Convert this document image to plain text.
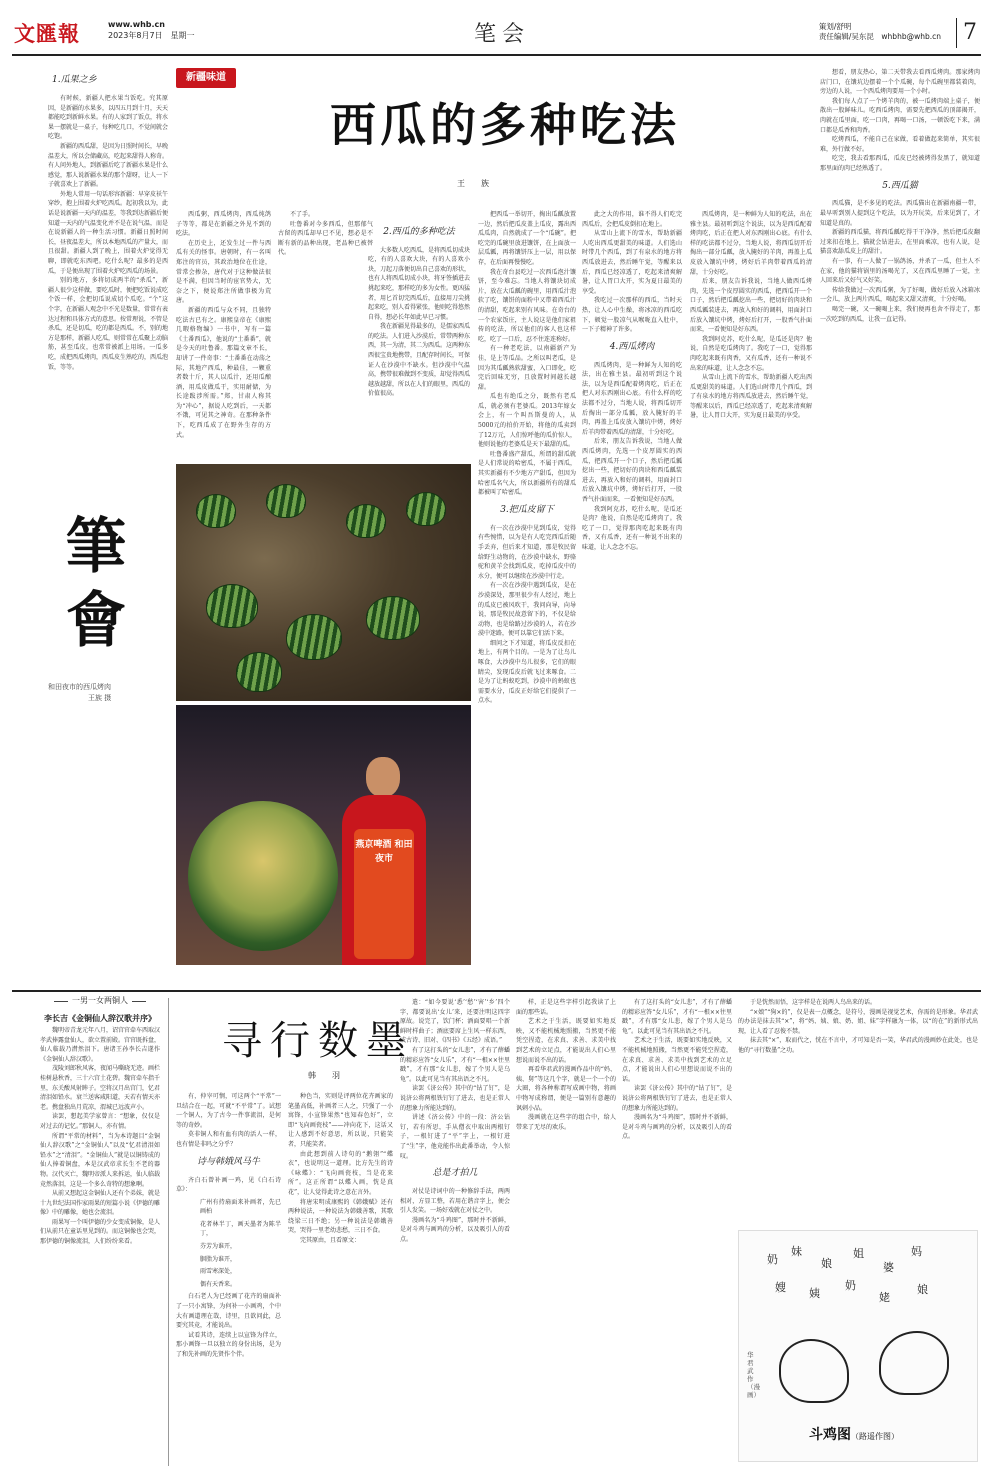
文匯報	www.whb.cn
2023年8月7日　星期一	笔会	策划/舒明
责任编辑/吴东昆　whbhb@whb.cn	7
新疆味道
西瓜的多种吃法
王　族
1.瓜果之乡

有时候，新疆人把水果当饭吃。究其原因，是新疆的水果多，以四五月到十月，天天都能吃到新鲜水果。有的人家到了饭点，将水果一摆就是一桌子，每种吃几口，不觉间就会吃饱。

新疆的西瓜甜，是因为日照时间长，早晚温差大，所以会储藏高，吃起来甜得人称奇。有人问外地人，到新疆后吃了新疆水果是什么感觉，那人说新疆水果的那个甜呀，让人一下子就喜欢上了新疆。

外地人常用一句话形容新疆：早穿皮袄午穿纱，抱上围着火炉吃西瓜。起初我以为，此话是说新疆一天内的温差，等我到达新疆后便知道一天内的气温变化并不是在说气温，而是在说新疆人的一种生活习惯。新疆日照时间长，昼夜温差大，所以本地西瓜的产量大，而且很甜。新疆人到了晚上，围着火炉觉得无聊，即就吃东西吧。吃什么呢？最多的是西瓜，于是便出现了围着火炉吃西瓜的场景。

别的地方，多将切成两半的“杀瓜”，新疆人很少这样做，要吃瓜时，便把吃饭说成吃个饭一样，会把切瓜说成切个瓜吃。“个”这个字，在新疆人观念中不光是数量，常常有表达过程和具体方式的意思。按常理说，不管是杀瓜，还是切瓜，吃的都是西瓜。不，别的地方是那样，新疆人吃瓜，则常常在瓜聚上动脑筋，甚至瓜皮，也常常被派上用场。一瓜多吃，成把西瓜烤肉，西瓜皮生熟吃的，西瓜泡饭，等等。

筆
會
和田夜市的西瓜烤肉
王族 摄

西瓜粥，西瓜烤肉，西瓜炖鸽子等等，都是在新疆之外见不到的吃法。

在历史上，还发生过一件与西瓜有关的怪事。唐朝时，有一名叫郑注的官员，其政治地位在仕途，常常会掺杂，唐代对于这种做法很是不满，但因当时的宦官势大，无奈之下，便说郑注所做事极为荒唐。

新疆的西瓜与众不同，且独特吃法古已有之。康熙皇帝在《康熙几暇格物编》一书中，写有一篇《土番西瓜》，他说的“土番番”，就是今天的吐鲁番。那篇文章不长，却讲了一件奇事：“土番番在动荡之际，其地产西瓜，种最佳，一颗重者数十斤，其人以瓜汁，还用瓜酿酒，用瓜皮做瓜干，实用耐储，为长途跋涉所需。”郑，甘肃人称其为“冲心”，据说人吃到后，一天都不饿，可见其之神奇。在那种条件下，吃西瓜成了在野外生存的方式。

不了手。

吐鲁番对今多西瓜，但那郁气古留的西瓜却早已不见，想必是不断有新的品种出现，老品种已被替代。

2.西瓜的多种吃法

大多数人吃西瓜，是将西瓜切成块吃，有的人喜欢大块，有的人喜欢小块，刀起刀落便切出自己喜欢的形状，也有人将西瓜切成小块，将牙签插进去挑起来吃，那样吃的多为女性。更凶猛者，用匕首切完西瓜后，直接用刀尖挑起来吃，别人看得紧张，他则吃得悠然自得，想必长年如此早已习惯。

我在新疆见得最多的，是儒家西瓜的吃法。人们进入沙漠后，常带两种东西，其一为清，其二为西瓜。这两种东西很宝贵地携带，且配存时间长，可保证人在沙漠中不缺水。但沙漠中气温高，携带很难做到不变质，却觉得西瓜越放越甜，所以在人们的眼里，西瓜的价值很高。

燕京啤酒 和田夜市

把西瓜一举切开，掏出瓜瓤放置一边，然后把瓜皮盖上瓜皮，露出西瓜瓜肉，自然就成了一个“瓜碗”。把吃完的瓜碗里放进馕饼，在上面放一层瓜瓤，再将馕饼压上一层，用以保存，在后面再慢慢吃。

我在奇台县吃过一次西瓜泡汁馕饼，至今难忘。当地人将馕块切成片，放在大瓜瓤的碗里，用西瓜汁泡软了吃，馕饼的面粉中又带着西瓜汁的清甜，吃起来别有风味。在奇台的一个农家饭庄，主人说这是他们家祖传的吃法，所以他们的客人也这样吃，吃了一口后，忍不住连连称好。

有一种老吃法，以南疆新产为佳，是上等瓜品。之所以叫老瓜，是因为其瓜瓤熟软甜蜜，入口即化，吃完后回味无穷，且放置时间越长越甜。

瓜也有绝瓜之分，既然有老瓜瓜，就必须有老婆瓜。2013年嫁女会上，有一个叫吾斯曼的人，从5000元的拍价开始，将他的瓜卖到了12万元，人们惊呼他的瓜价惊人，他则说他的老婆瓜是天下最甜的瓜。

吐鲁番盛产甜瓜，所谓的甜瓜就是人们常说的哈密瓜，不属于西瓜，其实新疆有不少地方产甜瓜，但因为哈密瓜名气大，所以新疆所有的甜瓜都被叫了哈密瓜。

3.把瓜皮留下

有一次在沙漠中见到瓜皮，觉得有些惋惜，以为是有人吃完西瓜后随手丢弃，但后来才知道，那是牧民留给野生动物的，在沙漠中缺水，野骆驼和黄羊会找到瓜皮，吃掉瓜皮中的水分，便可以继续在沙漠中行走。

有一次在沙漠中遇到瓜皮，是在沙漠深处，那里很少有人经过，地上的瓜皮已被风吹干，我问向导，向导说，那是牧民故意留下的，不仅是给动物，也是给路过沙漠的人，若在沙漠中迷路，便可以靠它们活下来。

细问之下才知道，将瓜皮反扣在地上，有两个目的。一是为了让鸟儿啄食，大沙漠中鸟儿很多，它们的眼睛尖，发现瓜皮后就飞过来啄食。二是为了让蚂蚁吃到，沙漠中的蚂蚁也需要水分，瓜皮正好给它们提供了一点水。

此之大的作用，谁不得人们吃完西瓜后，会把瓜皮倒扣在地上。

从雪山上流下的雪水，帮助新疆人吃出西瓜更甜美的味道。人们选山时带几个西瓜，到了有泉水的地方将西瓜放进去，然后睡午觉，等醒来以后，西瓜已经凉透了，吃起来清爽解暑，让人胃口大开，实为夏日最美的享受。

我吃过一次那样的西瓜，当时天热，让人心中生燥，将冰凉的西瓜吃下，顿觉一股凉气从喉咙直入肚中，一下子精神了许多。

4.西瓜烤肉

西瓜烤肉，是一种鲜为人知的吃法，出在雅主县。最初听到这个说法，以为是西瓜配着烤肉吃，后正在把人对东西刚出心底。有什么样的吃法都不过分，当地人说，将西瓜切开后掏出一部分瓜瓤，放入腌好的羊肉，再盖上瓜皮放入馕坑中烤，烤好后羊肉带着西瓜的清甜，十分好吃。

后来，朋友告诉我说，当地人做西瓜烤肉，先选一个皮厚圆实的西瓜，把西瓜开一个口子，然后把瓜瓤挖出一些，把切好的肉块和西瓜瓤装进去，再放入和好的调料，用面封口后放入馕坑中烤，烤好后打开，一股香气扑面而来，一看便知是好东西。

我到阿克苏，吃什么呢，是瓜还是肉？他说，自然是吃瓜烤肉了。我吃了一口，觉得那肉吃起来既有肉香，又有瓜香，还有一种说不出来的味道，让人念念不忘。

想看，朋友热心，第二天带我去看西瓜烤肉。那家烤肉店门口，在馕坑边摆着一个个瓜碗，每个瓜碗里都装着肉，旁边的人说，一个西瓜烤肉要用一个小时。

我们每人点了一个烤羊肉的，被一瓜烤肉端上桌子，便散出一股鲜味儿。吃西瓜烤肉，需要先把西瓜的顶部揭开，肉就在瓜里面，吃一口肉，再喝一口汤，一顿饭吃下来，满口都是瓜香和肉香。

吃烤西瓜，不能自己在家做，看着做起来简单，其实很难，外行做不好。

吃完，我去看那西瓜，瓜皮已经被烤得发黑了，就知道那里面的肉已经熟透了。

5.西瓜猫

西瓜猫，是不多见的吃法。西瓜猫出在新疆南疆一带，最早听到别人提到这个吃法，以为开玩笑，后来见到了，才知道是真的。

新疆的西瓜猫，将西瓜瓤吃得干干净净，然后把瓜皮翻过来扣在地上，猫就会钻进去，在里面乘凉，也有人说，是猫喜欢舔瓜皮上的甜汁。

有一事，有一人做了一锅鸽汤，并杀了一瓜，但主人不在家，他的猫将锅里的汤喝光了，又在西瓜里睡了一觉，主人回来后又好气又好笑。

传给我做过一次西瓜粥，为了好喝，做好后放入冰箱冰一会儿，放上两片西瓜，喝起来又甜又清爽，十分好喝。

喝完一碗，又一碗喝上来，我们便再也舍不得走了，那一次吃到的西瓜，让我一直记得。

西瓜烤肉，是一种鲜为人知的吃法，出在雅主县。最初听到这个说法，以为是西瓜配着烤肉吃，后正在把人对东西刚出心底。有什么样的吃法都不过分，当地人说，将西瓜切开后掏出一部分瓜瓤，放入腌好的羊肉，再盖上瓜皮放入馕坑中烤，烤好后羊肉带着西瓜的清甜，十分好吃。

后来，朋友告诉我说，当地人做西瓜烤肉，先选一个皮厚圆实的西瓜，把西瓜开一个口子，然后把瓜瓤挖出一些，把切好的肉块和西瓜瓤装进去，再放入和好的调料，用面封口后放入馕坑中烤，烤好后打开，一股香气扑面而来，一看便知是好东西。

我到阿克苏，吃什么呢，是瓜还是肉？他说，自然是吃瓜烤肉了。我吃了一口，觉得那肉吃起来既有肉香，又有瓜香，还有一种说不出来的味道，让人念念不忘。

从雪山上流下的雪水，帮助新疆人吃出西瓜更甜美的味道。人们选山时带几个西瓜，到了有泉水的地方将西瓜放进去，然后睡午觉，等醒来以后，西瓜已经凉透了，吃起来清爽解暑，让人胃口大开，实为夏日最美的享受。

一男一女两铜人
李长吉《金铜仙人辞汉歌并序》

魏明帝青龙元年八月，诏宫官牵车西取汉孝武捧露盘仙人，欲立置前殿。宫官既拆盘，仙人临载乃潸然泪下。唐诸王孙李长吉遂作《金铜仙人辞汉歌》。

茂陵刘郎秋风客，夜闻马嘶晓无迹。画栏桂树悬秋香，三十六宫土花碧。魏官牵车指千里，东关酸风射眸子。空将汉月出宫门，忆君清泪如铅水。衰兰送客咸阳道，天若有情天亦老。携盘独出月荒凉，渭城已远波声小。

读罢，想起美学家曾言：“想象，仅仅是对过去的记忆。”那铜人，亦有情。

所谓“平常的材料”，当为本诗题目“金铜仙人辞汉歌”之“金铜仙人”以及“忆君清泪如铅水”之“清泪”。“金铜仙人”就是以铜铸成的仙人捧着铜盘，本是汉武帝求长生不老的器物。汉代灭亡，魏明帝派人来拆运，仙人临载竟然落泪，这是一个多么奇特的想象啊。

从前又想起这金铜仙人还有个弟妹，就是十九世纪法国作家雨果的短篇小说《伊德的雕像》中的雕像，她也会流泪。

雨果写一个叫伊德的少女变成铜像，是人们从前只在童话里见到的。而这铜像也会哭，那伊德的铜像流泪，人们纷纷来看。

寻行数墨
韩　羽

有，仲宰可悯，可这两个“平常”一旦结合在一起，可就“不平常”了。试想一个铜人，为了古今一件事流泪，是何等的奇妙。

莫非铜人和有血有肉的活人一样，也有情是非吗之分乎？

诗与韩娥风马牛

齐白石曾补画一鸡，见《白石诗草》：

广州有持扇面来补画者，先已画柏

花者林半丁，画天墨者为陈半丁，

芬芳为谁开，

胭脂为谁开，

雨雪寒深处，

偶有天香来。

白石老人为已经画了花卉的扇面补了一只小寓锋，为何补一小画鸡，个中大有画道理在哉，诗里，且欲问此，总要究其竟，才能说出。

试看其诗，连续上以宣锋为伴立，那小画锋一旦以独立的身份出场，是为了和先补画的先贤作个伴。

种色当，实则是评两位花卉画家的笔墨高低，补画者三人之，只强了一小寓锋，小宣锋果然“也知春色好”，立即“飞向画瓷枝”——冲向花下，这话又让人感到不好意思，所以说，只能笑者，只能笑者。

由此想到前人诗句的“鹅翎”“蝶衣”，也说明这一道理。比方先生的诗《咏蝶》：“飞向画瓷枝，当是花来所”。这正所谓“以蝶入画，恍是真花”，让人觉得此诗之意在言外。

将唐宋明成康熙的《韩娥赋》还有两种说法，一种说法为韩娥善歌，其歌绕梁三日不绝；另一种说法是韩娥善哭，哭得一里老幼悲愁，三日不食。

完其原由，且看原文：

遣：“如今要说‘悉’‘愁’‘害’‘乡’四个字，都要说出‘女儿’来，还要注明这四字原故。说完了，饮门杯；酒面要唱一个新鲜时样曲子；酒底要席上生风一样东西，或古诗、旧对、《四书》《五经》成语。”

有了这打头的“女儿悲”，才有了薛蟠的精彩应答“女儿乐”，才有“一根××往里戳”，才有那“女儿悲，嫁了个男人是乌龟”。以此可见当有其出语之不凡。

读罢《济公传》其中的“钻了钉”，是说济公将两根铁钉钉了进去，也是正常人的想象力所能达到的。

讲述《济公传》中的一段：济公钻钉，若有所思，手从僧衣中取出两根钉子，一根钉进了“平”字上，一根钉进了“生”字，他竟能作出此番举动，令人惊叹。

总是才拍几

对仗是诗词中的一种修辞手法，两两相对，方显工整，若用在谐音字上，便会引人发笑。一场好戏就在对仗之中。

漫画名为“斗鸡图”，那时并不新鲜，是对斗鸡与画鸡的分析，以及吸引人的看点。

样，正是这些字样引起我读了上面的那些话。

艺术之于生活，既要如实地反映，又不能机械地照搬，当然更不能凭空捏造，在求真、求善、求美中找到艺术的立足点，才能说出人们心里想说而说不出的话。

再看华君武的漫画作品中的“妈、姨、舅”等这几个字，就是一个一个的大圈，将各种称谓写成画中物，将画中物写成称谓，便是一篇别有意趣的讽刺小品。

漫画就在这些字的组合中，给人带来了无尽的欢乐。

有了这打头的“女儿悲”，才有了薛蟠的精彩应答“女儿乐”，才有“一根××往里戳”，才有那“女儿悲，嫁了个男人是乌龟”。以此可见当有其出语之不凡。

艺术之于生活，既要如实地反映，又不能机械地照搬，当然更不能凭空捏造，在求真、求善、求美中找到艺术的立足点，才能说出人们心里想说而说不出的话。

读罢《济公传》其中的“钻了钉”，是说济公将两根铁钉钉了进去，也是正常人的想象力所能达到的。

漫画名为“斗鸡图”，那时并不新鲜，是对斗鸡与画鸡的分析，以及吸引人的看点。

于是恍然而悟，这字样是在说两人鸟出来的话。

“×娘”“狗×的”，仅是表一点概念，是符号，漫画是视觉艺术，你需的是形象。华君武的办法是抹去其“×”，将“妈、姨、娘、奶、姐、妹”字样融为一体，以“的在”的新形式出现，让人看了忍俊不禁。

抹去其“×”，取而代之，恍在不言中，才可知是否一笑，华君武的漫画妙在此处，也是他的“寻行数墨”之功。

奶
妹
娘
姐
婆
妈
嫂 姨
奶
姥
娘
华君武 作 （漫画）
斗鸡图（路遥作图）
